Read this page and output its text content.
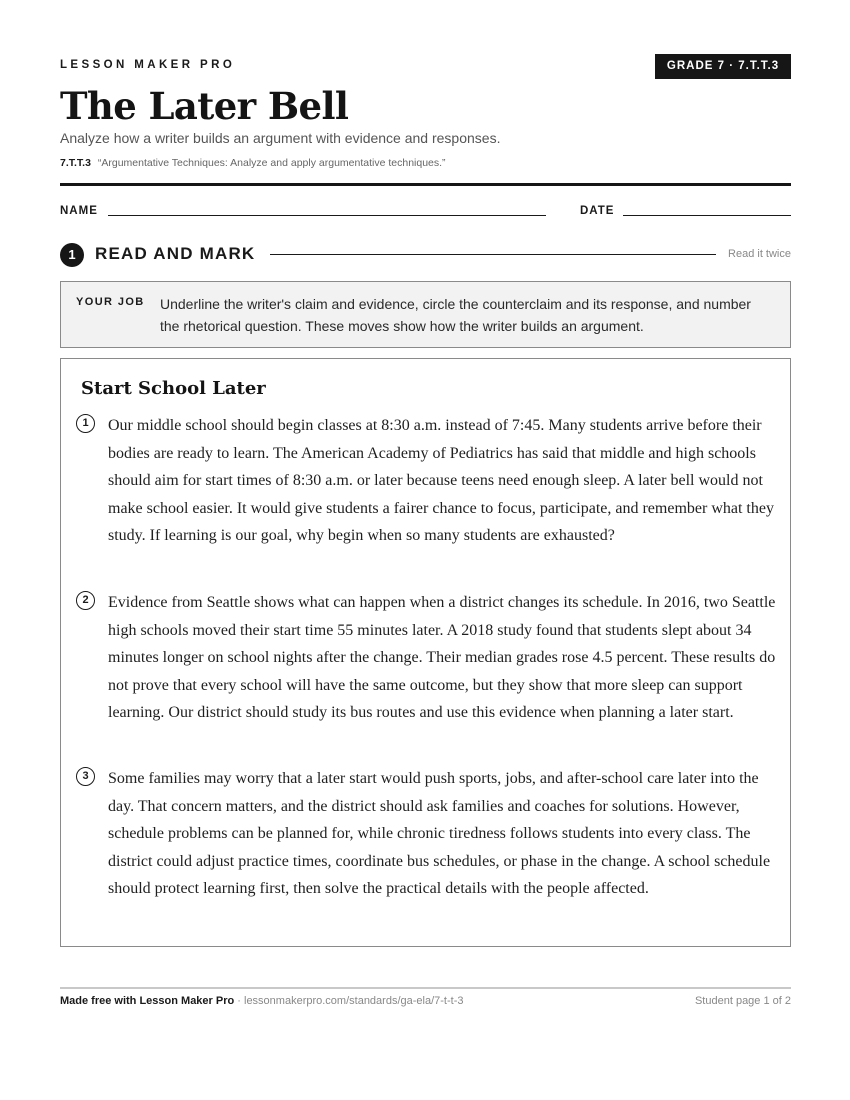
LESSON MAKER PRO	GRADE 7 · 7.T.T.3
The Later Bell
Analyze how a writer builds an argument with evidence and responses.
7.T.T.3 “Argumentative Techniques: Analyze and apply argumentative techniques.”
NAME	DATE
1	READ AND MARK	Read it twice
YOUR JOB Underline the writer's claim and evidence, circle the counterclaim and its response, and number the rhetorical question. These moves show how the writer builds an argument.
Start School Later
1	Our middle school should begin classes at 8:30 a.m. instead of 7:45. Many students arrive before their bodies are ready to learn. The American Academy of Pediatrics has said that middle and high schools should aim for start times of 8:30 a.m. or later because teens need enough sleep. A later bell would not make school easier. It would give students a fairer chance to focus, participate, and remember what they study. If learning is our goal, why begin when so many students are exhausted?

2	Evidence from Seattle shows what can happen when a district changes its schedule. In 2016, two Seattle high schools moved their start time 55 minutes later. A 2018 study found that students slept about 34 minutes longer on school nights after the change. Their median grades rose 4.5 percent. These results do not prove that every school will have the same outcome, but they show that more sleep can support learning. Our district should study its bus routes and use this evidence when planning a later start.

3	Some families may worry that a later start would push sports, jobs, and after-school care later into the day. That concern matters, and the district should ask families and coaches for solutions. However, schedule problems can be planned for, while chronic tiredness follows students into every class. The district could adjust practice times, coordinate bus schedules, or phase in the change. A school schedule should protect learning first, then solve the practical details with the people affected.

Made free with Lesson Maker Pro · lessonmakerpro.com/standards/ga-ela/7-t-t-3	Student page 1 of 2
